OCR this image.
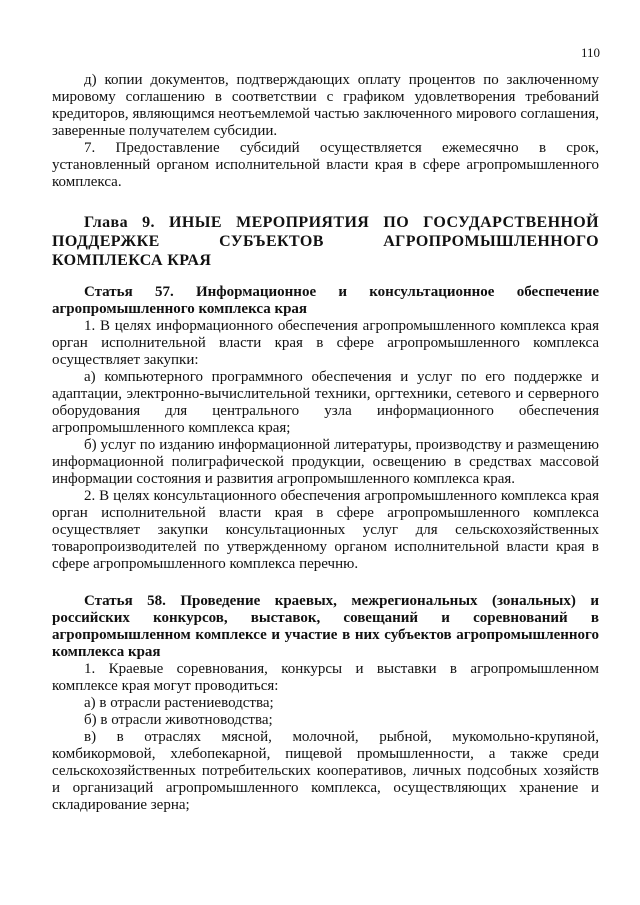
110

д) копии документов, подтверждающих оплату процентов по заключенному мировому соглашению в соответствии с графиком удовлетворения требований кредиторов, являющимся неотъемлемой частью заключенного мирового соглашения, заверенные получателем субсидии.

7. Предоставление субсидий осуществляется ежемесячно в срок, установленный органом исполнительной власти края в сфере агропромышленного комплекса.

Глава 9. ИНЫЕ МЕРОПРИЯТИЯ ПО ГОСУДАРСТВЕННОЙ ПОДДЕРЖКЕ СУБЪЕКТОВ АГРОПРОМЫШЛЕННОГО КОМПЛЕКСА КРАЯ

Статья 57. Информационное и консультационное обеспечение агропромышленного комплекса края

1. В целях информационного обеспечения агропромышленного комплекса края орган исполнительной власти края в сфере агропромышленного комплекса осуществляет закупки:

а) компьютерного программного обеспечения и услуг по его поддержке и адаптации, электронно-вычислительной техники, оргтехники, сетевого и серверного оборудования для центрального узла информационного обеспечения агропромышленного комплекса края;

б) услуг по изданию информационной литературы, производству и размещению информационной полиграфической продукции, освещению в средствах массовой информации состояния и развития агропромышленного комплекса края.

2. В целях консультационного обеспечения агропромышленного комплекса края орган исполнительной власти края в сфере агропромышленного комплекса осуществляет закупки консультационных услуг для сельскохозяйственных товаропроизводителей по утвержденному органом исполнительной власти края в сфере агропромышленного комплекса перечню.

Статья 58. Проведение краевых, межрегиональных (зональных) и российских конкурсов, выставок, совещаний и соревнований в агропромышленном комплексе и участие в них субъектов агропромышленного комплекса края

1. Краевые соревнования, конкурсы и выставки в агропромышленном комплексе края могут проводиться:

а) в отрасли растениеводства;

б) в отрасли животноводства;

в) в отраслях мясной, молочной, рыбной, мукомольно-крупяной, комбикормовой, хлебопекарной, пищевой промышленности, а также среди сельскохозяйственных потребительских кооперативов, личных подсобных хозяйств и организаций агропромышленного комплекса, осуществляющих хранение и складирование зерна;
